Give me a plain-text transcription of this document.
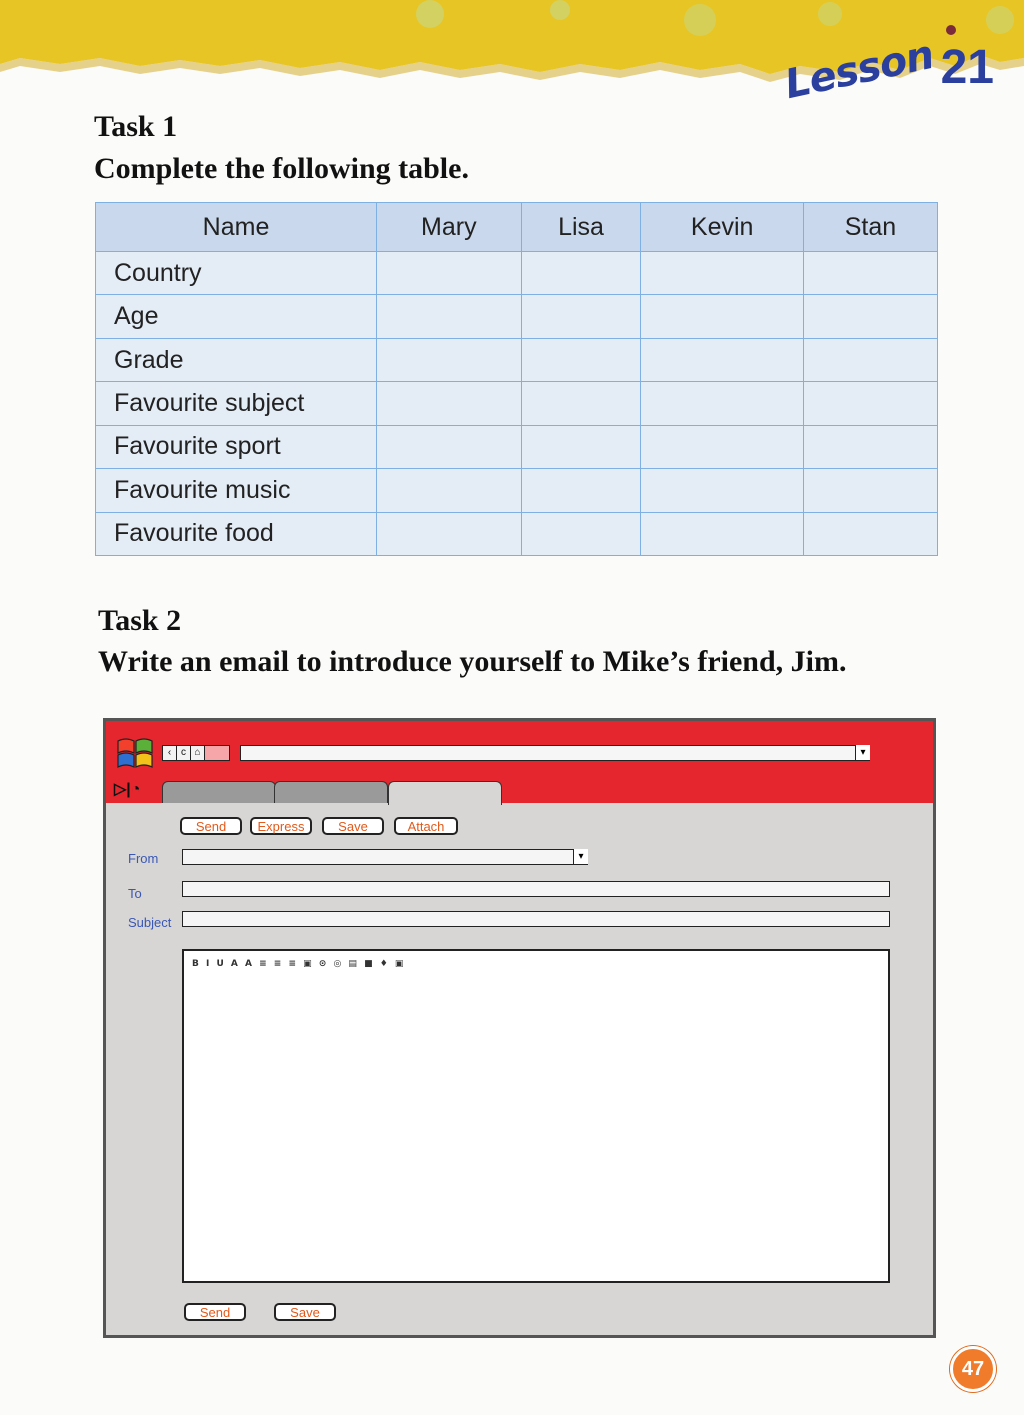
Lesson21
Task 1
Complete the following table.
Name	Mary	Lisa	Kevin	Stan
Country				
Age				
Grade				
Favourite subject				
Favourite sport				
Favourite music				
Favourite food				
Task 2
Write an email to introduce yourself to Mike’s friend, Jim.
‹ c ⌂	▾
▷|◔
Send	Express	Save	Attach
From	▾
To
Subject
B I U A A ≡ ≡ ≡ ▣ ⊙ ◎ ▤ ■ ♦ ▣
Send	Save
47
